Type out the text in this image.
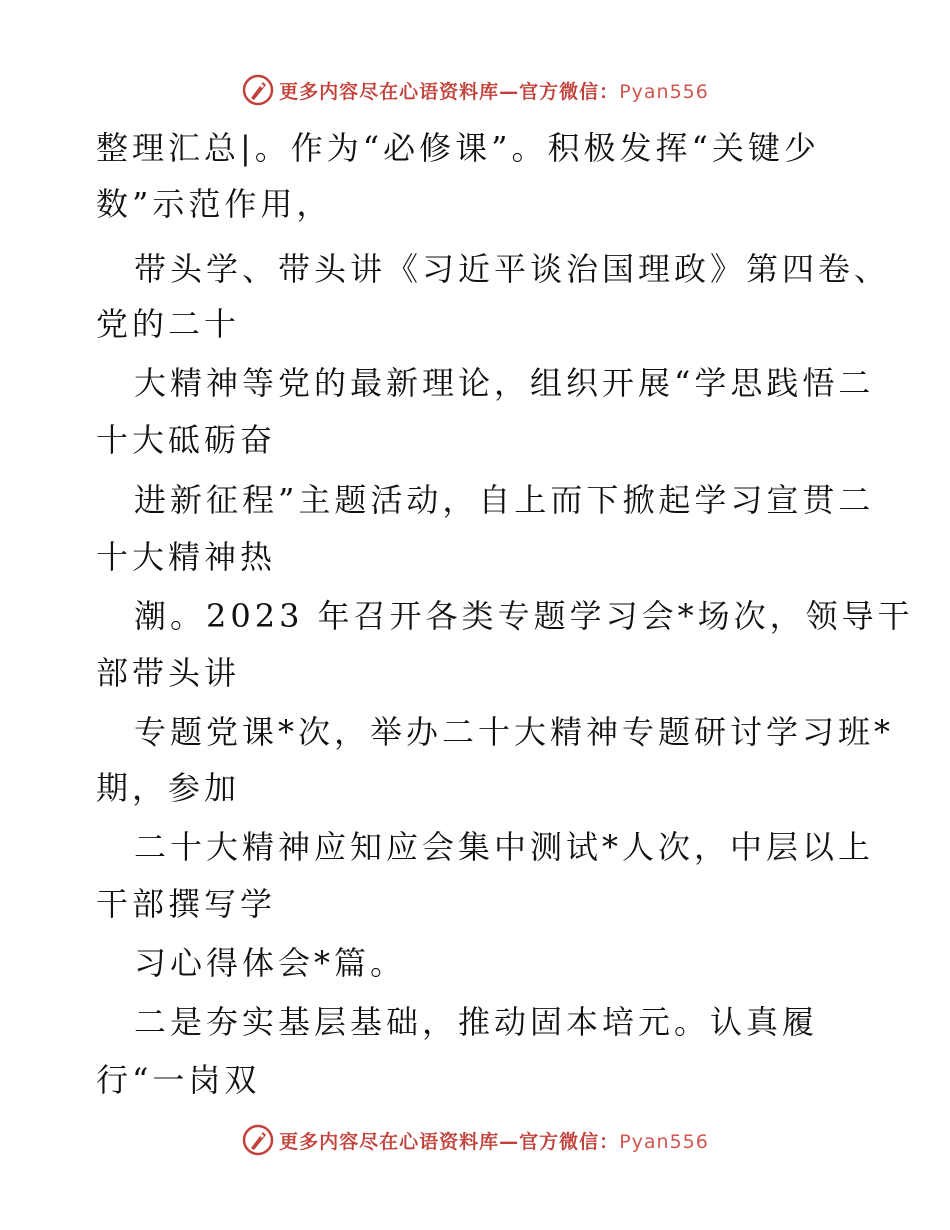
更多内容尽在心语资料库—官方微信：Pyan556
整理汇总|。作为“必修课”。积极发挥“关键少
数”示范作用，
带头学、带头讲《习近平谈治国理政》第四卷、
党的二十
大精神等党的最新理论，组织开展“学思践悟二
十大砥砺奋
进新征程”主题活动，自上而下掀起学习宣贯二
十大精神热
潮。2023 年召开各类专题学习会*场次，领导干
部带头讲
专题党课*次，举办二十大精神专题研讨学习班*
期，参加
二十大精神应知应会集中测试*人次，中层以上
干部撰写学
习心得体会*篇。
二是夯实基层基础，推动固本培元。认真履
行“一岗双
更多内容尽在心语资料库—官方微信：Pyan556
